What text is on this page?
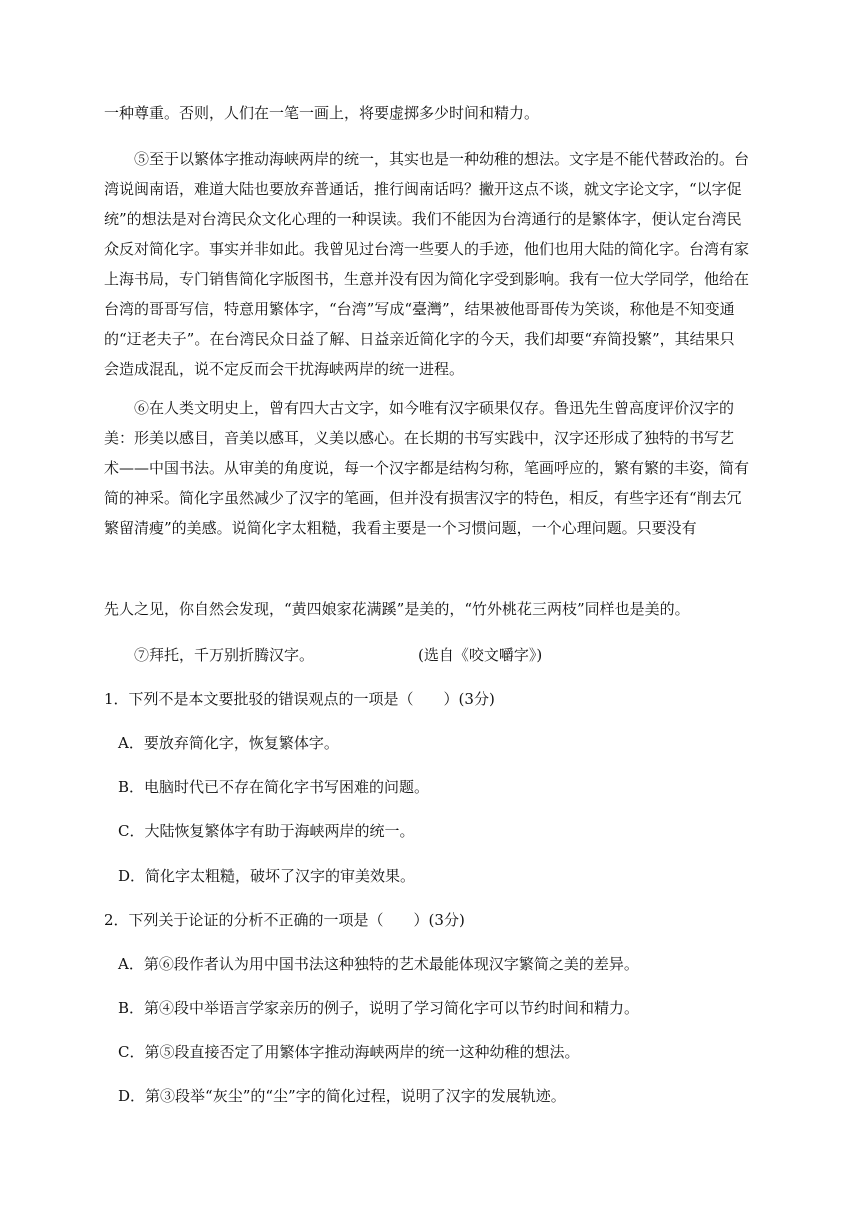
一种尊重。否则，人们在一笔一画上，将要虚掷多少时间和精力。
⑤至于以繁体字推动海峡两岸的统一，其实也是一种幼稚的想法。文字是不能代替政治的。台
湾说闽南语，难道大陆也要放弃普通话，推行闽南话吗？撇开这点不谈，就文字论文字，“以字促
统”的想法是对台湾民众文化心理的一种误读。我们不能因为台湾通行的是繁体字，便认定台湾民
众反对简化字。事实并非如此。我曾见过台湾一些要人的手迹，他们也用大陆的简化字。台湾有家
上海书局，专门销售简化字版图书，生意并没有因为简化字受到影响。我有一位大学同学，他给在
台湾的哥哥写信，特意用繁体字，“台湾”写成“臺灣”，结果被他哥哥传为笑谈，称他是不知变通
的“迂老夫子”。在台湾民众日益了解、日益亲近简化字的今天，我们却要“弃简投繁”，其结果只
会造成混乱，说不定反而会干扰海峡两岸的统一进程。
⑥在人类文明史上，曾有四大古文字，如今唯有汉字硕果仅存。鲁迅先生曾高度评价汉字的
美：形美以感目，音美以感耳，义美以感心。在长期的书写实践中，汉字还形成了独特的书写艺
术——中国书法。从审美的角度说，每一个汉字都是结构匀称，笔画呼应的，繁有繁的丰姿，简有
简的神采。简化字虽然减少了汉字的笔画，但并没有损害汉字的特色，相反，有些字还有“削去冗
繁留清瘦”的美感。说简化字太粗糙，我看主要是一个习惯问题，一个心理问题。只要没有
先人之见，你自然会发现，“黄四娘家花满蹊”是美的，“竹外桃花三两枝”同样也是美的。
⑦拜托，千万别折腾汉字。	(选自《咬文嚼字》)
1．下列不是本文要批驳的错误观点的一项是（　　）(3分)
A．要放弃简化字，恢复繁体字。
B．电脑时代已不存在简化字书写困难的问题。
C．大陆恢复繁体字有助于海峡两岸的统一。
D．简化字太粗糙，破坏了汉字的审美效果。
2．下列关于论证的分析不正确的一项是（　　）(3分)
A．第⑥段作者认为用中国书法这种独特的艺术最能体现汉字繁简之美的差异。
B．第④段中举语言学家亲历的例子，说明了学习简化字可以节约时间和精力。
C．第⑤段直接否定了用繁体字推动海峡两岸的统一这种幼稚的想法。
D．第③段举“灰尘”的“尘”字的简化过程，说明了汉字的发展轨迹。
